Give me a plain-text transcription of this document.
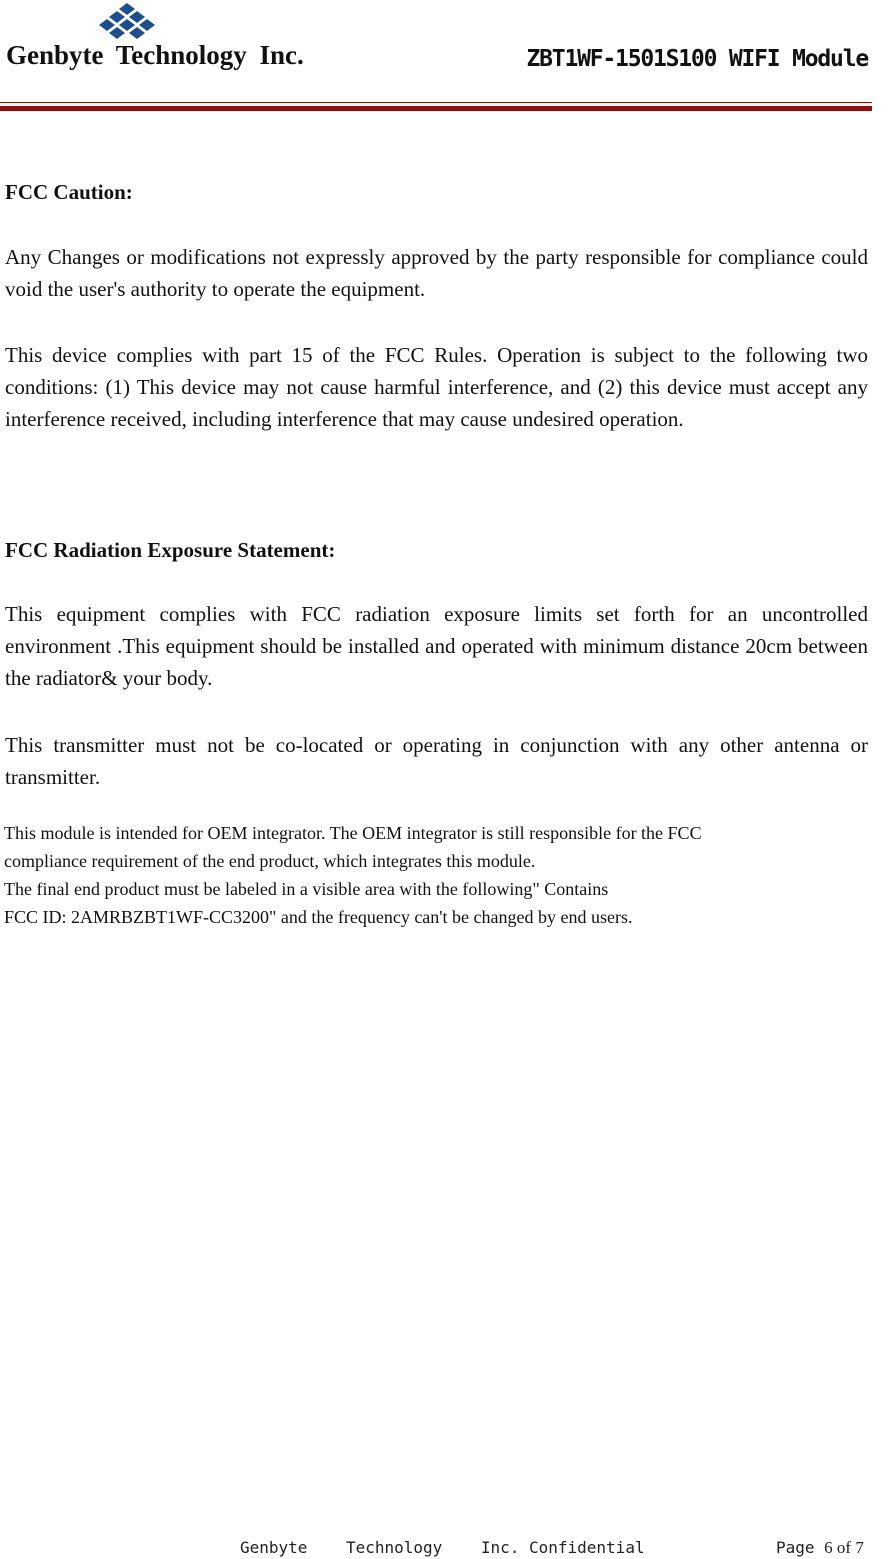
Genbyte Technology Inc.	ZBT1WF-1501S100 WIFI Module
FCC Caution:

Any Changes or modifications not expressly approved by the party responsible for compliance could void the user's authority to operate the equipment.

This device complies with part 15 of the FCC Rules. Operation is subject to the following two conditions: (1) This device may not cause harmful interference, and (2) this device must accept any interference received, including interference that may cause undesired operation.

FCC Radiation Exposure Statement:

This equipment complies with FCC radiation exposure limits set forth for an uncontrolled environment .This equipment should be installed and operated with minimum distance 20cm between the radiator& your body.

This transmitter must not be co-located or operating in conjunction with any other antenna or transmitter.

This module is intended for OEM integrator. The OEM integrator is still responsible for the FCC
compliance requirement of the end product, which integrates this module.
The final end product must be labeled in a visible area with the following" Contains
FCC ID: 2AMRBZBT1WF-CC3200" and the frequency can't be changed by end users.
Genbyte    Technology    Inc. Confidential	Page 6 of 7
